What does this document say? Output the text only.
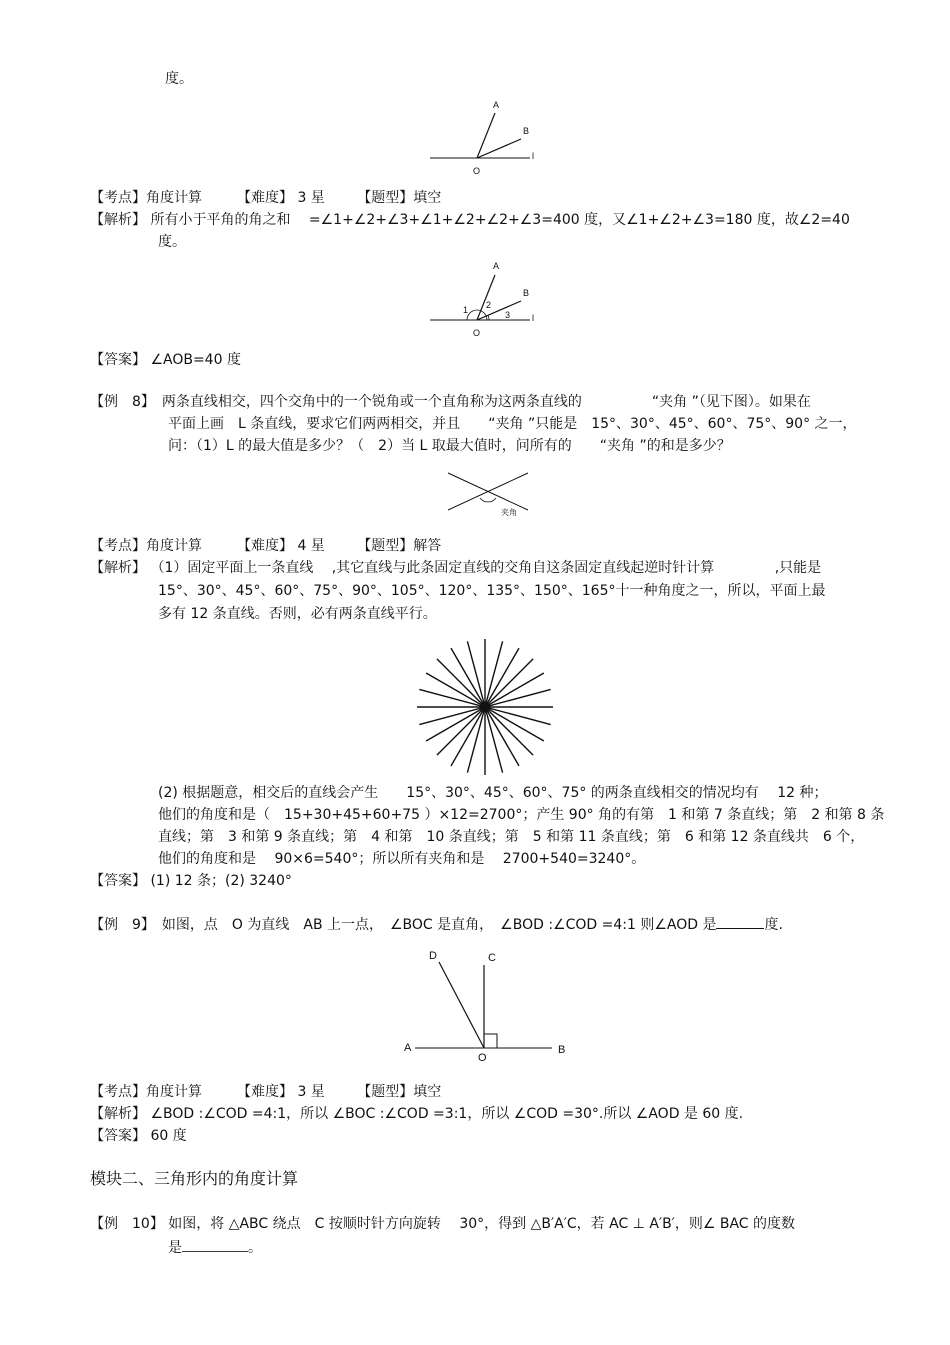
度。
A
B
l
O
【考点】角度计算　　　【难度】 3 星　　 【题型】填空
【解析】 所有小于平角的角之和　 =∠1+∠2+∠3+∠1+∠2+∠2+∠3=400 度，又∠1+∠2+∠3=180 度，故∠2=40
度。
A
B
l
O
1 2
3
【答案】 ∠AOB=40 度
【例　8】　两条直线相交，四个交角中的一个锐角或一个直角称为这两条直线的　　　　　“夹角 ”（见下图）。如果在
平面上画　L 条直线，要求它们两两相交，并且　　“夹角 ”只能是　15°、30°、45°、60°、75°、90° 之一，
问：（1）L 的最大值是多少？（　2）当 L 取最大值时，问所有的　　“夹角 ”的和是多少？
夹角
【考点】角度计算　　　【难度】 4 星　　 【题型】解答
【解析】 （1）固定平面上一条直线　 ,其它直线与此条固定直线的交角自这条固定直线起逆时针计算　　　　 ,只能是
15°、30°、45°、60°、75°、90°、105°、120°、135°、150°、165°十一种角度之一，所以，平面上最
多有 12 条直线。否则，必有两条直线平行。
(2) 根据题意，相交后的直线会产生　　15°、30°、45°、60°、75° 的两条直线相交的情况均有　 12 种；
他们的角度和是（　15+30+45+60+75 ）×12=2700°；产生 90° 角的有第　1 和第 7 条直线；第　2 和第 8 条
直线；第　3 和第 9 条直线；第　4 和第　10 条直线；第　5 和第 11 条直线；第　6 和第 12 条直线共　6 个，
他们的角度和是　 90×6=540°；所以所有夹角和是　 2700+540=3240°。
【答案】 (1) 12 条；(2) 3240°
【例　9】　如图，点　O 为直线　AB 上一点，　∠BOC 是直角，　∠BOD :∠COD =4:1 则∠AOD 是	度.
D	C
A
O
B
【考点】角度计算　　　【难度】 3 星　　 【题型】填空
【解析】 ∠BOD :∠COD =4:1，所以 ∠BOC :∠COD =3:1，所以 ∠COD =30°.所以 ∠AOD 是 60 度.
【答案】 60 度
模块二、三角形内的角度计算
【例　10】 如图，将 △ABC 绕点　C 按顺时针方向旋转　 30°，得到 △B′A′C，若 AC ⊥ A′B′，则∠ BAC 的度数
是	。
